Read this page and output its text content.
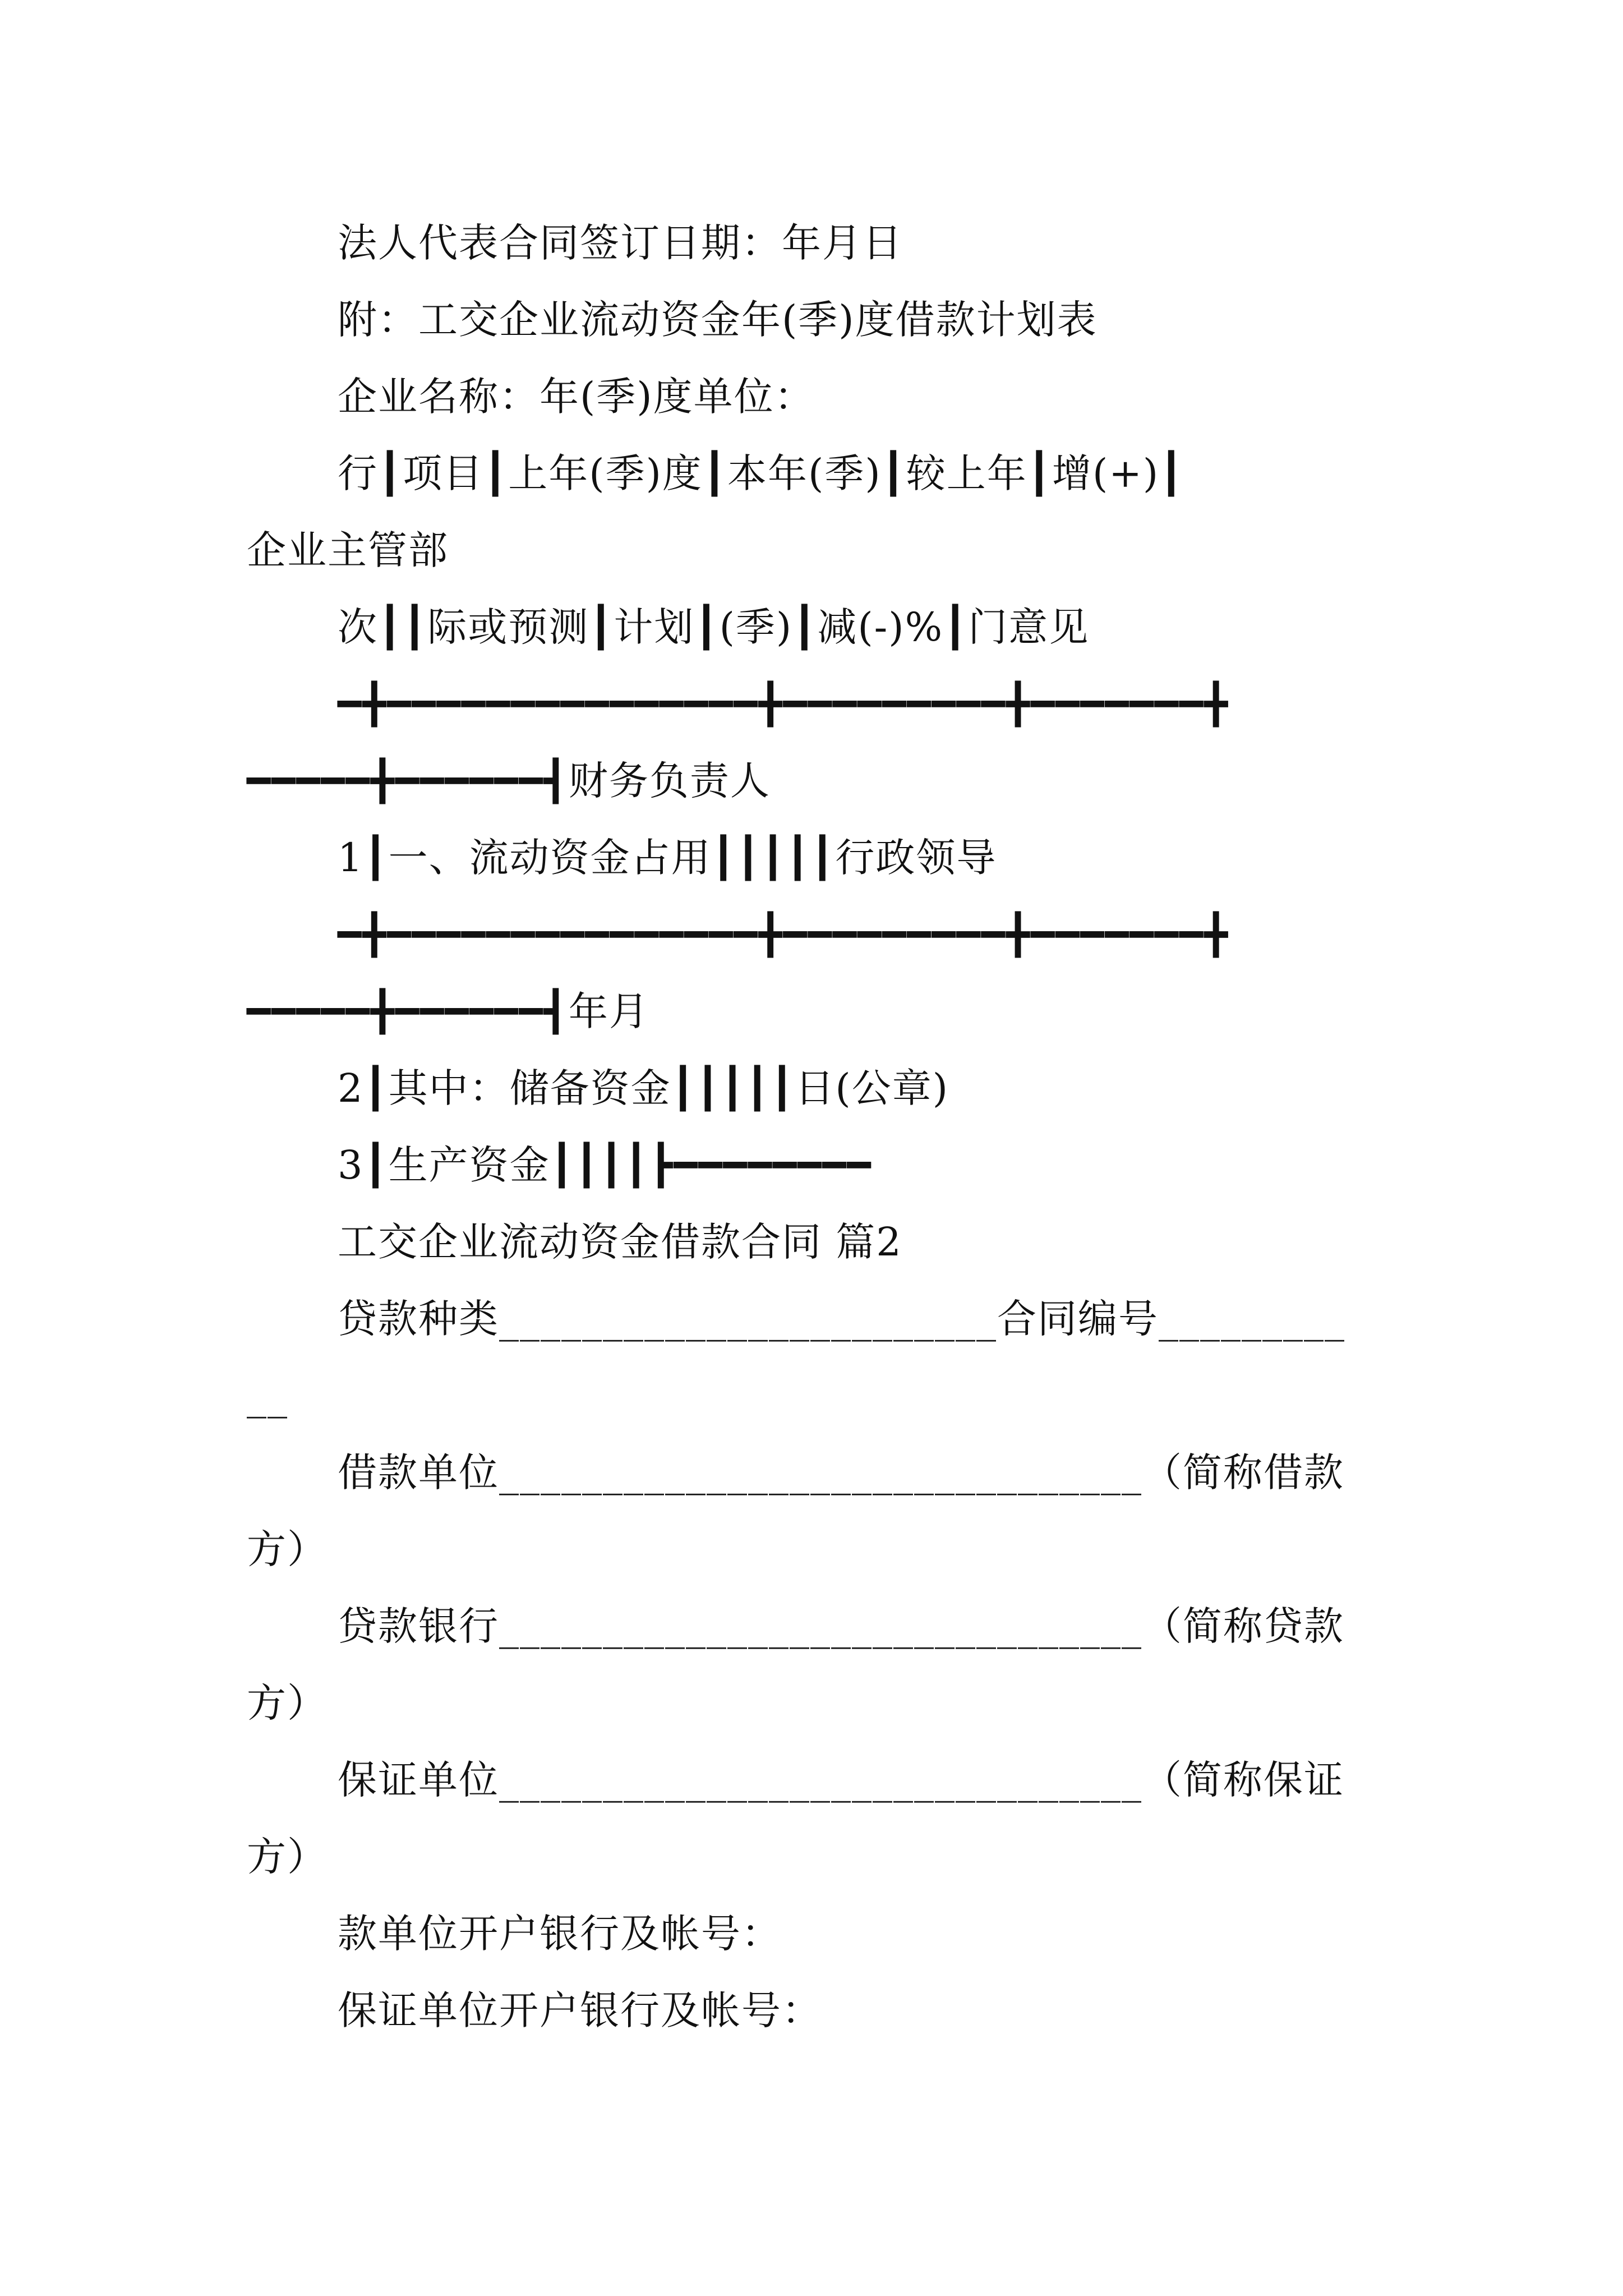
法人代表合同签订日期：年月日
附：工交企业流动资金年(季)度借款计划表
企业名称：年(季)度单位：
行┃项目┃上年(季)度┃本年(季)┃较上年┃增(+)┃
企业主管部
次┃┃际或预测┃计划┃(季)┃减(-)%┃门意见
━╋━━━━━━━━━━━━━━━╋━━━━━━━━━╋━━━━━━━╋
━━━━━╋━━━━━━┫财务负责人
1┃一、流动资金占用┃┃┃┃┃行政领导
━╋━━━━━━━━━━━━━━━╋━━━━━━━━━╋━━━━━━━╋
━━━━━╋━━━━━━┫年月
2┃其中：储备资金┃┃┃┃┃日(公章)
3┃生产资金┃┃┃┃┣━━━━━━━━
工交企业流动资金借款合同 篇2
贷款种类________________________合同编号_________
__
借款单位_______________________________（简称借款
方）
贷款银行_______________________________（简称贷款
方）
保证单位_______________________________（简称保证
方）
款单位开户银行及帐号：
保证单位开户银行及帐号：
